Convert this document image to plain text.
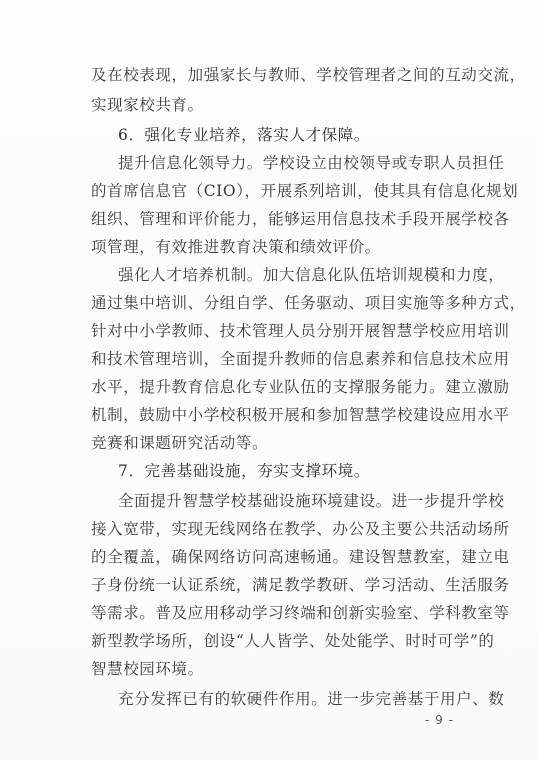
及在校表现，加强家长与教师、学校管理者之间的互动交流，
实现家校共育。
6．强化专业培养，落实人才保障。
提升信息化领导力。学校设立由校领导或专职人员担任
的首席信息官（CIO），开展系列培训，使其具有信息化规划
组织、管理和评价能力，能够运用信息技术手段开展学校各
项管理，有效推进教育决策和绩效评价。
强化人才培养机制。加大信息化队伍培训规模和力度，
通过集中培训、分组自学、任务驱动、项目实施等多种方式，
针对中小学教师、技术管理人员分别开展智慧学校应用培训
和技术管理培训，全面提升教师的信息素养和信息技术应用
水平，提升教育信息化专业队伍的支撑服务能力。建立激励
机制，鼓励中小学校积极开展和参加智慧学校建设应用水平
竞赛和课题研究活动等。
7．完善基础设施，夯实支撑环境。
全面提升智慧学校基础设施环境建设。进一步提升学校
接入宽带，实现无线网络在教学、办公及主要公共活动场所
的全覆盖，确保网络访问高速畅通。建设智慧教室，建立电
子身份统一认证系统，满足教学教研、学习活动、生活服务
等需求。普及应用移动学习终端和创新实验室、学科教室等
新型教学场所，创设“人人皆学、处处能学、时时可学”的
智慧校园环境。
充分发挥已有的软硬件作用。进一步完善基于用户、数
- 9 -
